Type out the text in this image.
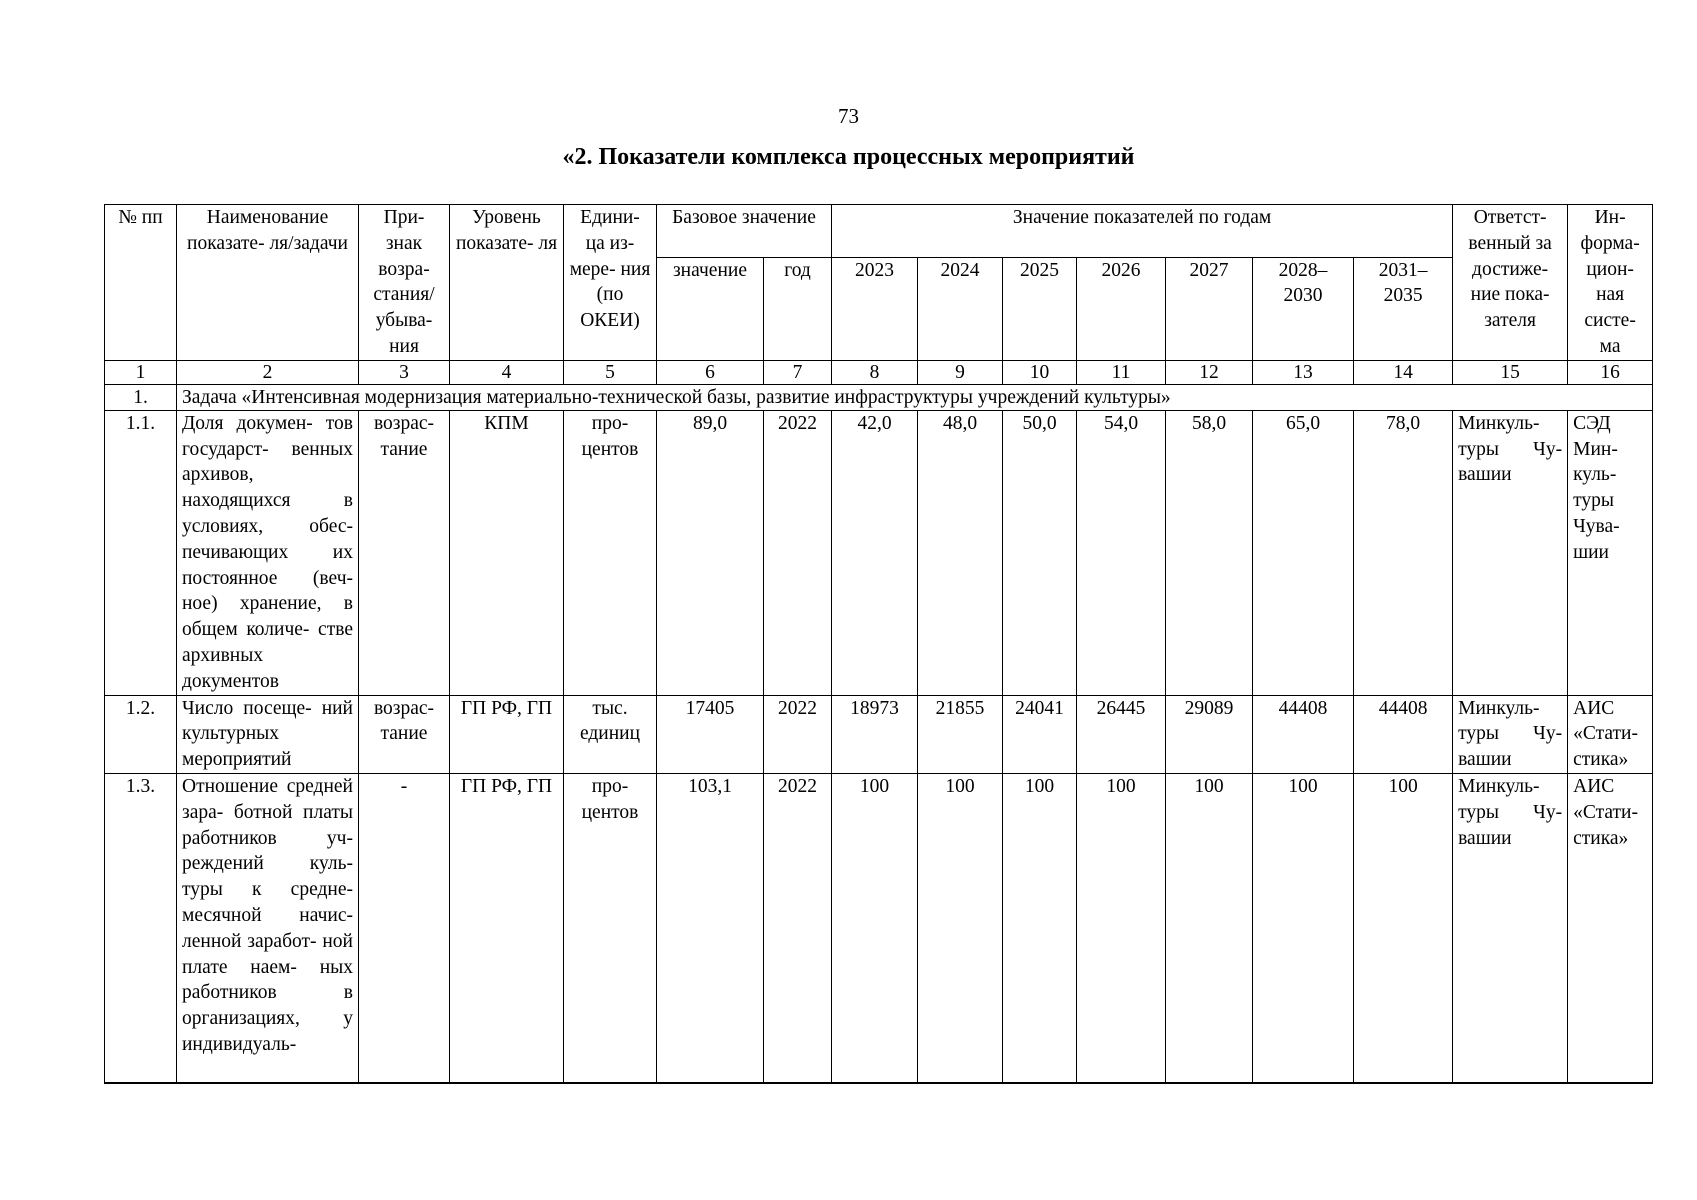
73
«2. Показатели комплекса процессных мероприятий
№ пп	Наименование показате- ля/задачи	При- знак возра- стания/ убыва- ния	Уровень показате- ля	Едини- ца из- мере- ния (по ОКЕИ)	Базовое значение		Значение показателей по годам							Ответст- венный за достиже- ние пока- зателя	Ин- форма- цион- ная систе- ма
					значение	год	2023	2024	2025	2026	2027	2028– 2030	2031– 2035		
1	2	3	4	5	6	7	8	9	10	11	12	13	14	15	16
1.	Задача «Интенсивная модернизация материально-технической базы, развитие инфраструктуры учреждений культуры»														
1.1.	Доля докумен- тов государст- венных архивов, находящихся в условиях, обес- печивающих их постоянное (веч- ное) хранение, в общем количе- стве архивных документов	возрас- тание	КПМ	про- центов	89,0	2022	42,0	48,0	50,0	54,0	58,0	65,0	78,0	Минкуль- туры Чу- вашии	СЭД Мин- куль- туры Чува- шии
1.2.	Число посеще- ний культурных мероприятий	возрас- тание	ГП РФ, ГП	тыс. единиц	17405	2022	18973	21855	24041	26445	29089	44408	44408	Минкуль- туры Чу- вашии	АИС «Стати- стика»
1.3.	Отношение средней зара- ботной платы работников уч- реждений куль- туры к средне- месячной начис- ленной заработ- ной плате наем- ных работников в организациях, у индивидуаль-	-	ГП РФ, ГП	про- центов	103,1	2022	100	100	100	100	100	100	100	Минкуль- туры Чу- вашии	АИС «Стати- стика»
